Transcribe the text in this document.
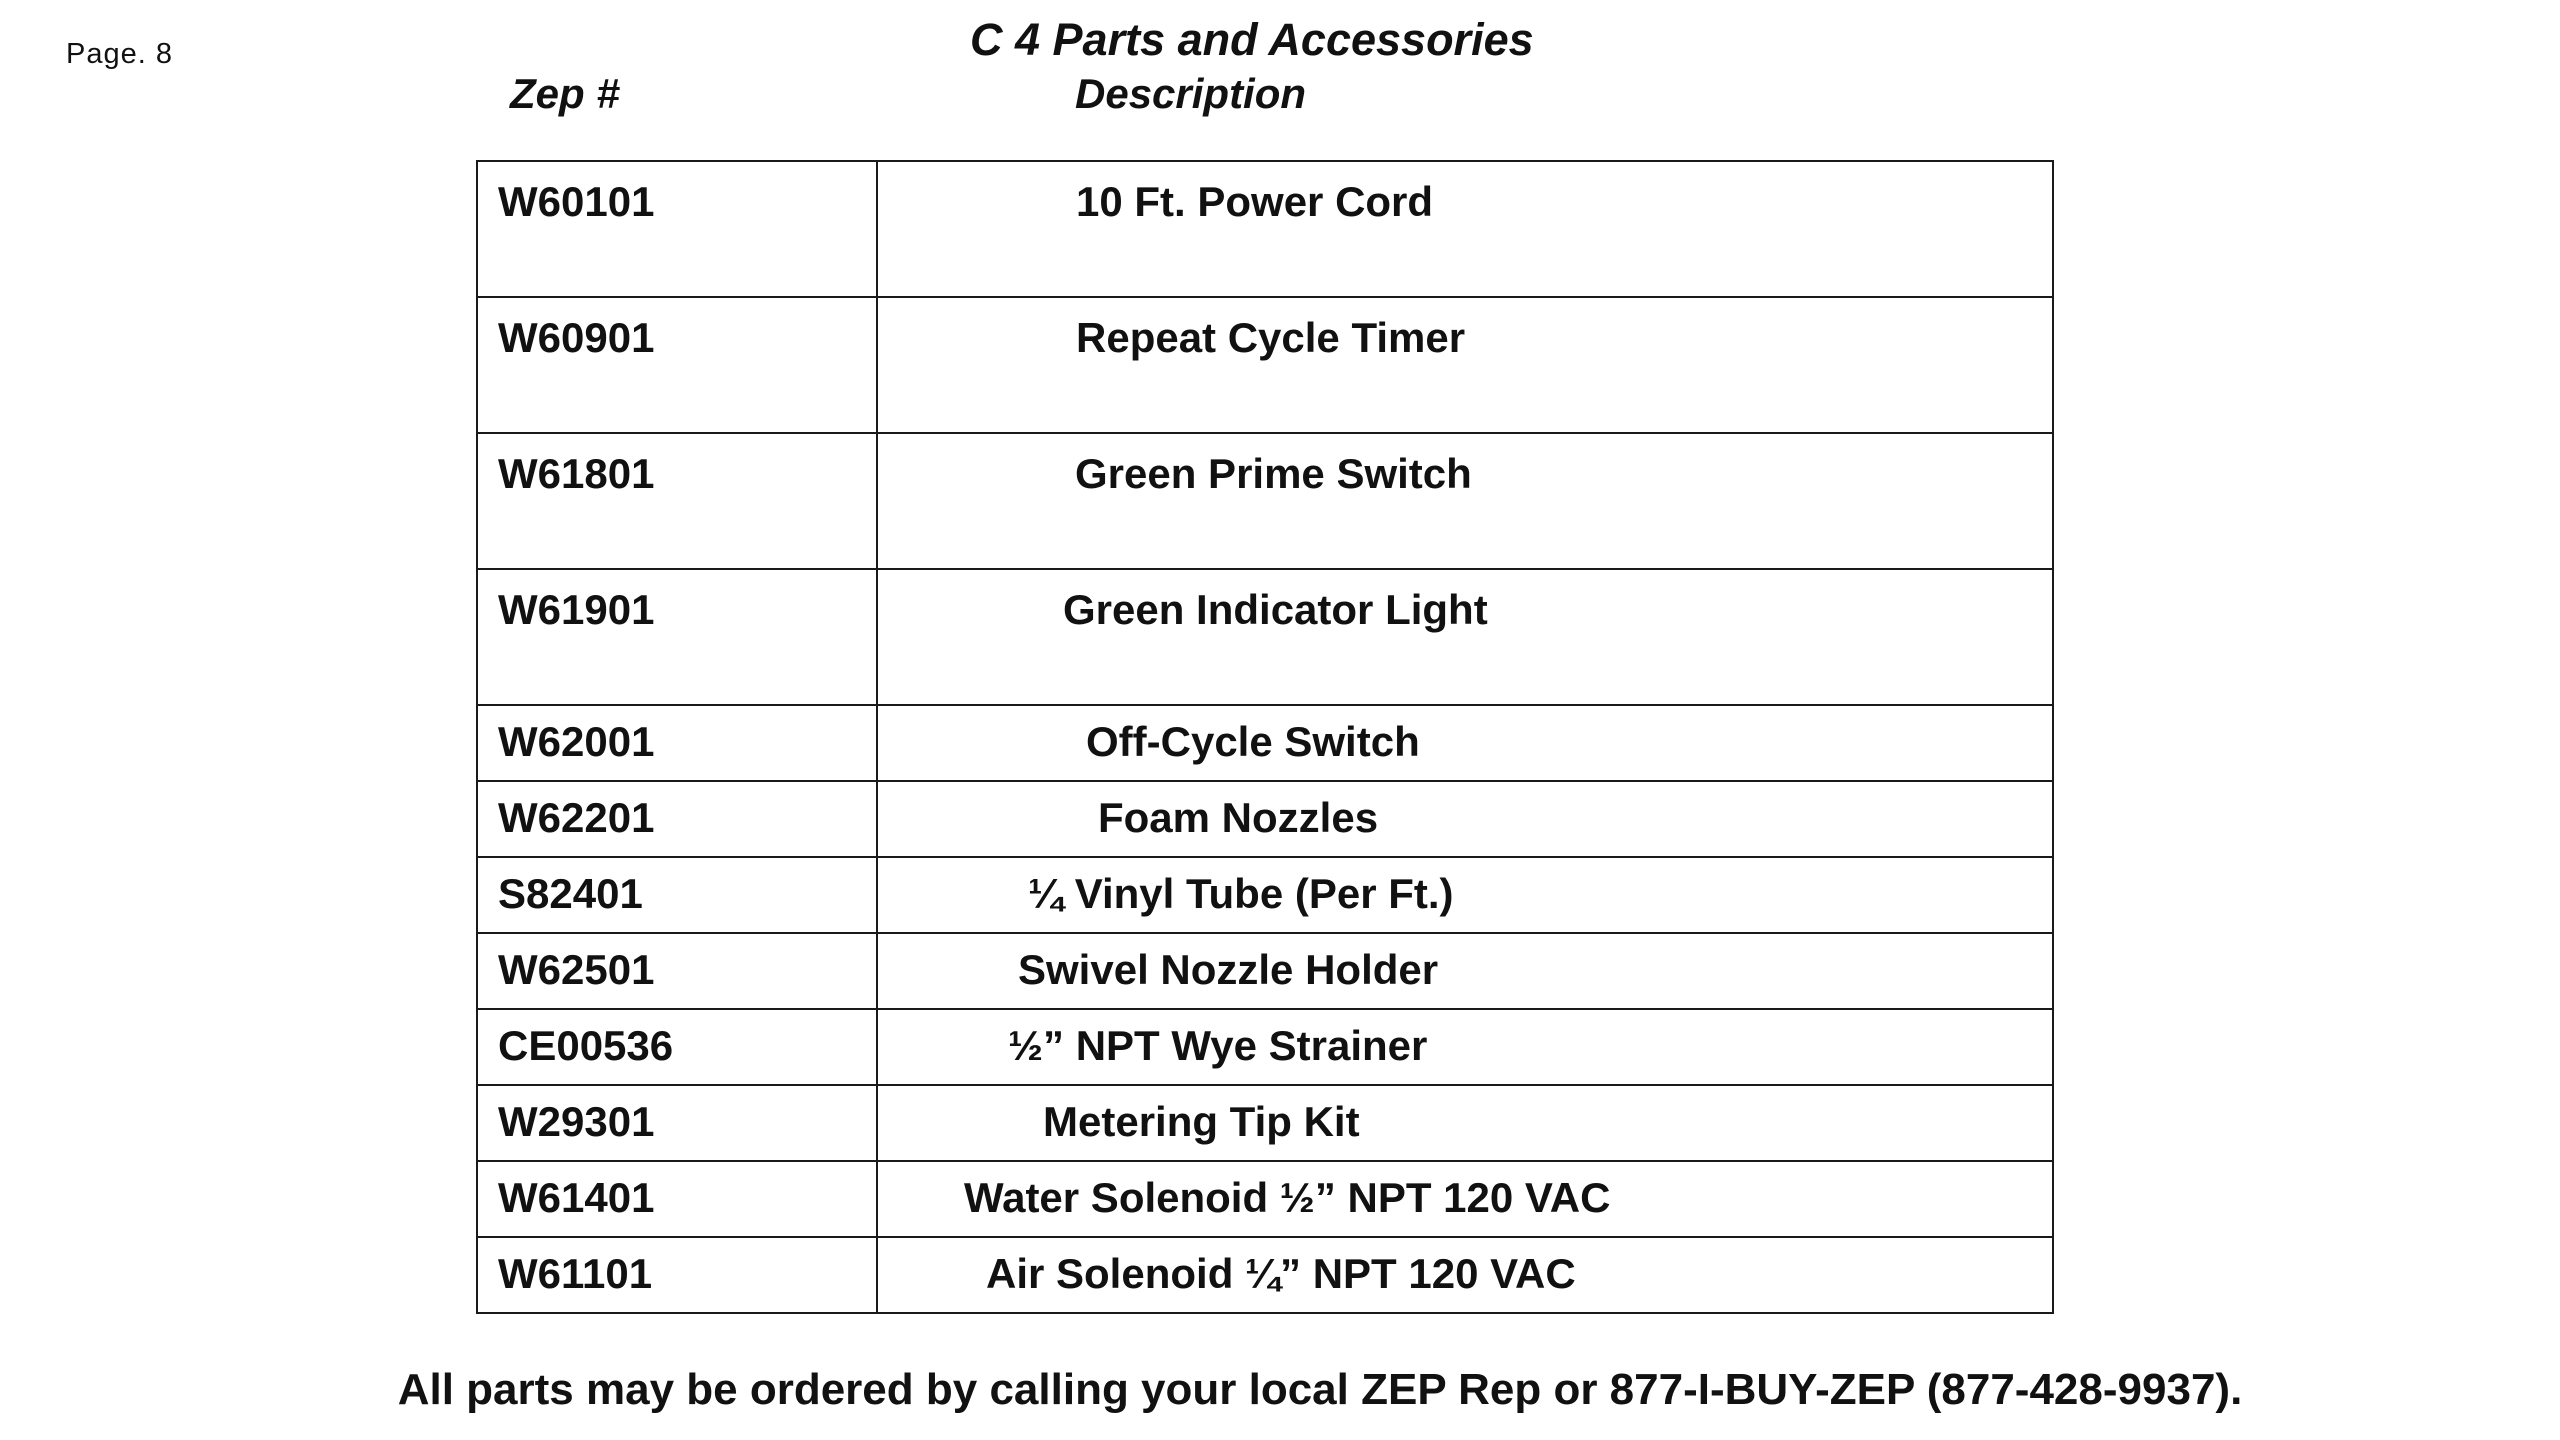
Page. 8	C 4 Parts and Accessories
Zep #	Description
W60101	10 Ft. Power Cord
W60901	Repeat Cycle Timer
W61801	Green Prime Switch
W61901	Green Indicator Light
W62001	Off-Cycle Switch
W62201	Foam Nozzles
S82401	¼ Vinyl Tube (Per Ft.)
W62501	Swivel Nozzle Holder
CE00536	½” NPT Wye Strainer
W29301	Metering Tip Kit
W61401	Water Solenoid ½” NPT 120 VAC
W61101	Air Solenoid ¼” NPT 120 VAC
All parts may be ordered by calling your local ZEP Rep or 877-I-BUY-ZEP (877-428-9937).
